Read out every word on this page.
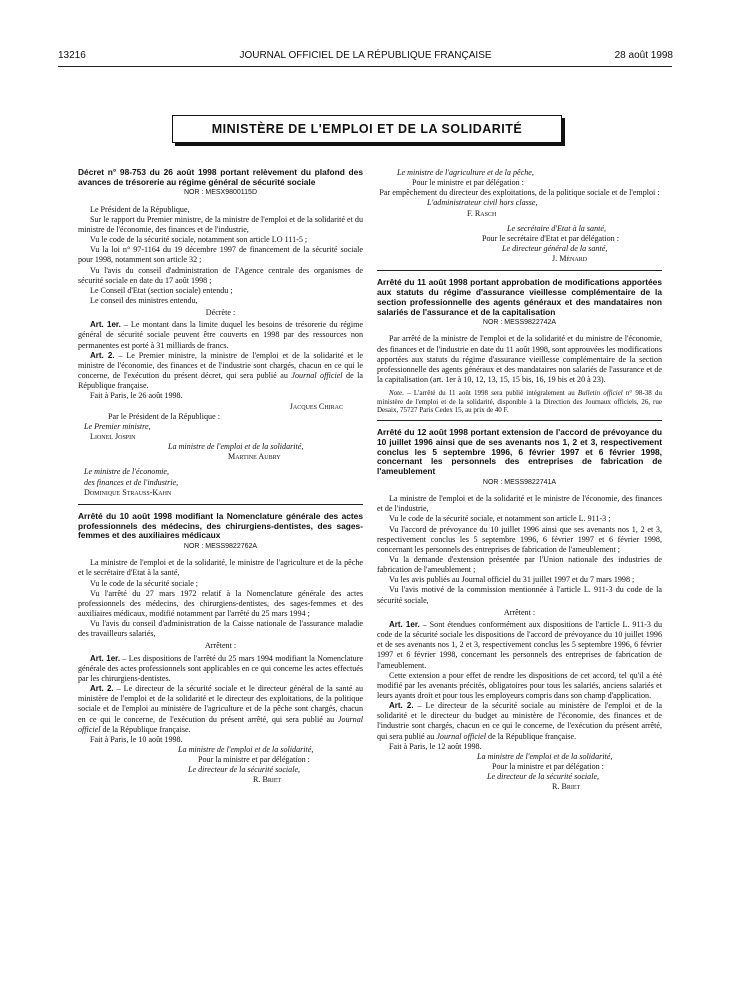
13216	JOURNAL OFFICIEL DE LA RÉPUBLIQUE FRANÇAISE	28 août 1998
MINISTÈRE DE L'EMPLOI ET DE LA SOLIDARITÉ

Décret n° 98-753 du 26 août 1998 portant relèvement du plafond des avances de trésorerie au régime général de sécurité sociale

NOR : MESX9800115D

Le Président de la République,

Sur le rapport du Premier ministre, de la ministre de l'emploi et de la solidarité et du ministre de l'économie, des finances et de l'industrie,

Vu le code de la sécurité sociale, notamment son article LO 111-5 ;

Vu la loi n° 97-1164 du 19 décembre 1997 de financement de la sécurité sociale pour 1998, notamment son article 32 ;

Vu l'avis du conseil d'administration de l'Agence centrale des organismes de sécurité sociale en date du 17 août 1998 ;

Le Conseil d'Etat (section sociale) entendu ;

Le conseil des ministres entendu,

Décrète :

Art. 1er. – Le montant dans la limite duquel les besoins de trésorerie du régime général de sécurité sociale peuvent être couverts en 1998 par des ressources non permanentes est porté à 31 milliards de francs.

Art. 2. – Le Premier ministre, la ministre de l'emploi et de la solidarité et le ministre de l'économie, des finances et de l'industrie sont chargés, chacun en ce qui le concerne, de l'exécution du présent décret, qui sera publié au Journal officiel de la République française.

Fait à Paris, le 26 août 1998.

Jacques Chirac

Par le Président de la République :

Le Premier ministre,

Lionel Jospin

La ministre de l'emploi et de la solidarité,

Martine Aubry

Le ministre de l'économie,

des finances et de l'industrie,

Dominique Strauss-Kahn

Arrêté du 10 août 1998 modifiant la Nomenclature générale des actes professionnels des médecins, des chirurgiens-dentistes, des sages-femmes et des auxiliaires médicaux

NOR : MESS9822762A

La ministre de l'emploi et de la solidarité, le ministre de l'agriculture et de la pêche et le secrétaire d'Etat à la santé,

Vu le code de la sécurité sociale ;

Vu l'arrêté du 27 mars 1972 relatif à la Nomenclature générale des actes professionnels des médecins, des chirurgiens-dentistes, des sages-femmes et des auxiliaires médicaux, modifié notamment par l'arrêté du 25 mars 1994 ;

Vu l'avis du conseil d'administration de la Caisse nationale de l'assurance maladie des travailleurs salariés,

Arrêtent :

Art. 1er. – Les dispositions de l'arrêté du 25 mars 1994 modifiant la Nomenclature générale des actes professionnels sont applicables en ce qui concerne les actes effectués par les chirurgiens-dentistes.

Art. 2. – Le directeur de la sécurité sociale et le directeur général de la santé au ministère de l'emploi et de la solidarité et le directeur des exploitations, de la politique sociale et de l'emploi au ministère de l'agriculture et de la pêche sont chargés, chacun en ce qui le concerne, de l'exécution du présent arrêté, qui sera publié au Journal officiel de la République française.

Fait à Paris, le 10 août 1998.

La ministre de l'emploi et de la solidarité,

Pour la ministre et par délégation :

Le directeur de la sécurité sociale,

R. Briet

Le ministre de l'agriculture et de la pêche,

Pour le ministre et par délégation :

Par empêchement du directeur des exploitations, de la politique sociale et de l'emploi :

L'administrateur civil hors classe,

F. Rasch

Le secrétaire d'Etat à la santé,

Pour le secrétaire d'Etat et par délégation :

Le directeur général de la santé,

J. Ménard

Arrêté du 11 août 1998 portant approbation de modifications apportées aux statuts du régime d'assurance vieillesse complémentaire de la section professionnelle des agents généraux et des mandataires non salariés de l'assurance et de la capitalisation

NOR : MESS9822742A

Par arrêté de la ministre de l'emploi et de la solidarité et du ministre de l'économie, des finances et de l'industrie en date du 11 août 1998, sont approuvées les modifications apportées aux statuts du régime d'assurance vieillesse complémentaire de la section professionnelle des agents généraux et des mandataires non salariés de l'assurance et de la capitalisation (art. 1er à 10, 12, 13, 15, 15 bis, 16, 19 bis et 20 à 23).

Note. – L'arrêté du 11 août 1998 sera publié intégralement au Bulletin officiel n° 98-38 du ministère de l'emploi et de la solidarité, disponible à la Direction des Journaux officiels, 26, rue Desaix, 75727 Paris Cedex 15, au prix de 40 F.

Arrêté du 12 août 1998 portant extension de l'accord de prévoyance du 10 juillet 1996 ainsi que de ses avenants nos 1, 2 et 3, respectivement conclus les 5 septembre 1996, 6 février 1997 et 6 février 1998, concernant les personnels des entreprises de fabrication de l'ameublement

NOR : MESS9822741A

La ministre de l'emploi et de la solidarité et le ministre de l'économie, des finances et de l'industrie,

Vu le code de la sécurité sociale, et notamment son article L. 911-3 ;

Vu l'accord de prévoyance du 10 juillet 1996 ainsi que ses avenants nos 1, 2 et 3, respectivement conclus les 5 septembre 1996, 6 février 1997 et 6 février 1998, concernant les personnels des entreprises de fabrication de l'ameublement ;

Vu la demande d'extension présentée par l'Union nationale des industries de fabrication de l'ameublement ;

Vu les avis publiés au Journal officiel du 31 juillet 1997 et du 7 mars 1998 ;

Vu l'avis motivé de la commission mentionnée à l'article L. 911-3 du code de la sécurité sociale,

Arrêtent :

Art. 1er. – Sont étendues conformément aux dispositions de l'article L. 911-3 du code de la sécurité sociale les dispositions de l'accord de prévoyance du 10 juillet 1996 et de ses avenants nos 1, 2 et 3, respectivement conclus les 5 septembre 1996, 6 février 1997 et 6 février 1998, concernant les personnels des entreprises de fabrication de l'ameublement.

Cette extension a pour effet de rendre les dispositions de cet accord, tel qu'il a été modifié par les avenants précités, obligatoires pour tous les salariés, anciens salariés et leurs ayants droit et pour tous les employeurs compris dans son champ d'application.

Art. 2. – Le directeur de la sécurité sociale au ministère de l'emploi et de la solidarité et le directeur du budget au ministère de l'économie, des finances et de l'industrie sont chargés, chacun en ce qui le concerne, de l'exécution du présent arrêté, qui sera publié au Journal officiel de la République française.

Fait à Paris, le 12 août 1998.

La ministre de l'emploi et de la solidarité,

Pour la ministre et par délégation :

Le directeur de la sécurité sociale,

R. Briet
